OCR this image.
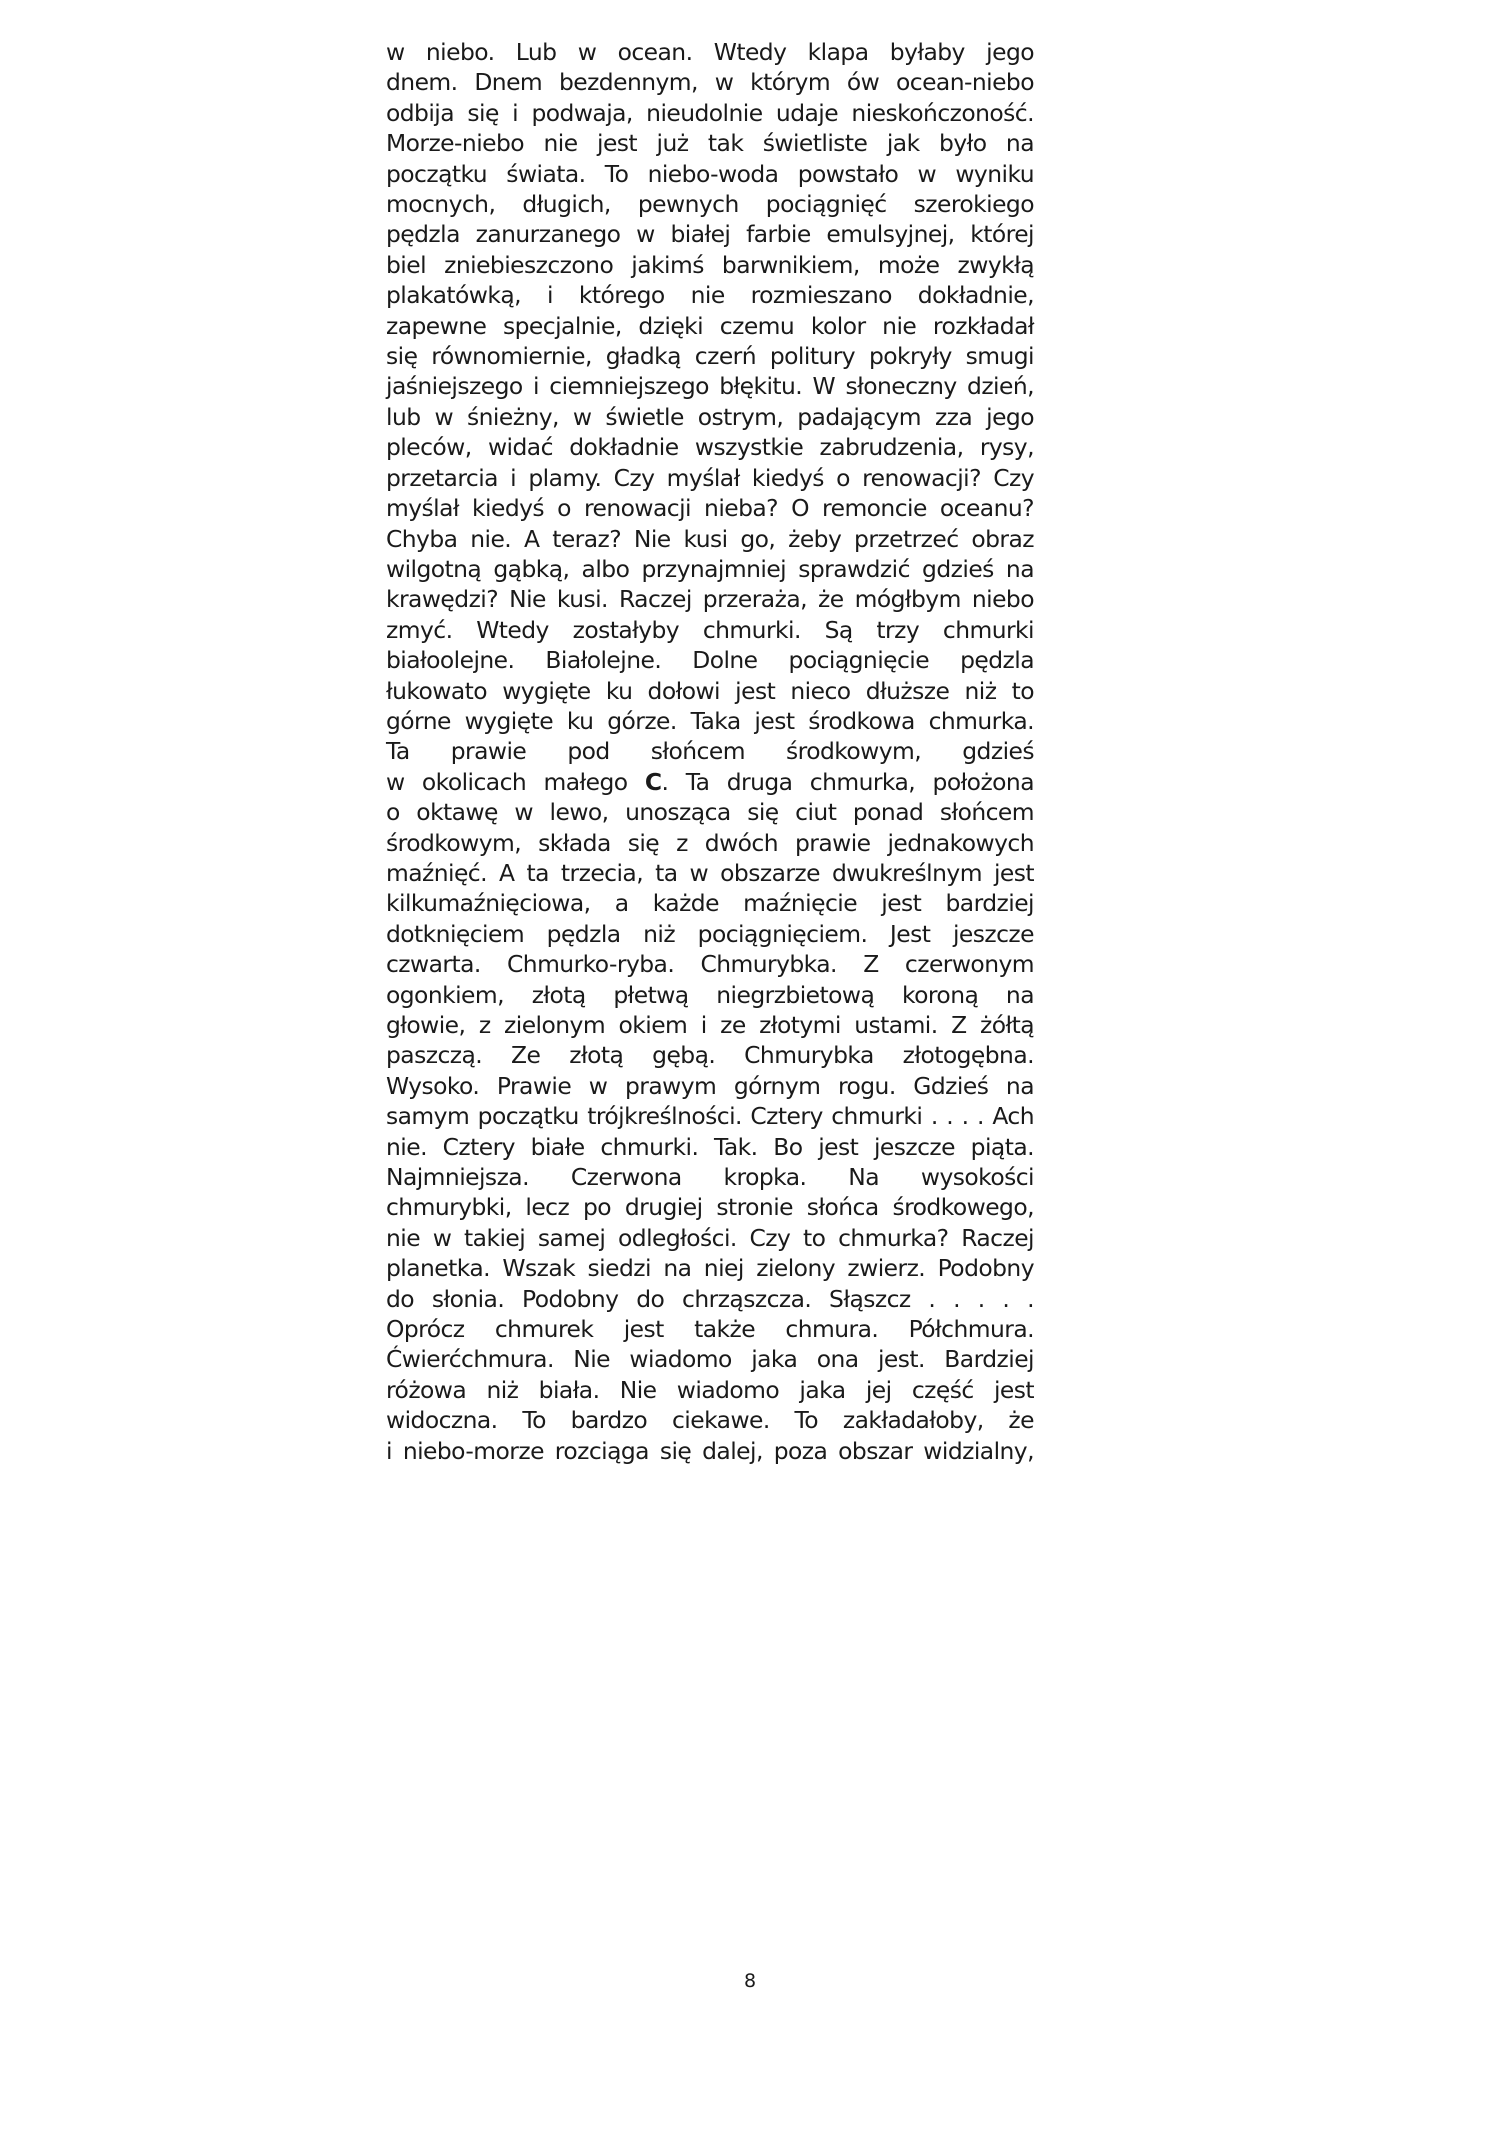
w niebo. Lub w ocean. Wtedy klapa byłaby jego
dnem. Dnem bezdennym, w którym ów ocean-niebo
odbija się i podwaja, nieudolnie udaje nieskończoność.
Morze-niebo nie jest już tak świetliste jak było na
początku świata. To niebo-woda powstało w wyniku
mocnych, długich, pewnych pociągnięć szerokiego
pędzla zanurzanego w białej farbie emulsyjnej, której
biel zniebieszczono jakimś barwnikiem, może zwykłą
plakatówką, i którego nie rozmieszano dokładnie,
zapewne specjalnie, dzięki czemu kolor nie rozkładał
się równomiernie, gładką czerń politury pokryły smugi
jaśniejszego i ciemniejszego błękitu. W słoneczny dzień,
lub w śnieżny, w świetle ostrym, padającym zza jego
pleców, widać dokładnie wszystkie zabrudzenia, rysy,
przetarcia i plamy. Czy myślał kiedyś o renowacji? Czy
myślał kiedyś o renowacji nieba? O remoncie oceanu?
Chyba nie. A teraz? Nie kusi go, żeby przetrzeć obraz
wilgotną gąbką, albo przynajmniej sprawdzić gdzieś na
krawędzi? Nie kusi. Raczej przeraża, że mógłbym niebo
zmyć. Wtedy zostałyby chmurki. Są trzy chmurki
białoolejne. Białolejne. Dolne pociągnięcie pędzla
łukowato wygięte ku dołowi jest nieco dłuższe niż to
górne wygięte ku górze. Taka jest środkowa chmurka.
Ta prawie pod słońcem środkowym, gdzieś
w okolicach małego C. Ta druga chmurka, położona
o oktawę w lewo, unosząca się ciut ponad słońcem
środkowym, składa się z dwóch prawie jednakowych
maźnięć. A ta trzecia, ta w obszarze dwukreślnym jest
kilkumaźnięciowa, a każde maźnięcie jest bardziej
dotknięciem pędzla niż pociągnięciem. Jest jeszcze
czwarta. Chmurko-ryba. Chmurybka. Z czerwonym
ogonkiem, złotą płetwą niegrzbietową koroną na
głowie, z zielonym okiem i ze złotymi ustami. Z żółtą
paszczą. Ze złotą gębą. Chmurybka złotogębna.
Wysoko. Prawie w prawym górnym rogu. Gdzieś na
samym początku trójkreślności. Cztery chmurki . . . . Ach
nie. Cztery białe chmurki. Tak. Bo jest jeszcze piąta.
Najmniejsza. Czerwona kropka. Na wysokości
chmurybki, lecz po drugiej stronie słońca środkowego,
nie w takiej samej odległości. Czy to chmurka? Raczej
planetka. Wszak siedzi na niej zielony zwierz. Podobny
do słonia. Podobny do chrząszcza. Słąszcz . . . . .
Oprócz chmurek jest także chmura. Półchmura.
Ćwierćchmura. Nie wiadomo jaka ona jest. Bardziej
różowa niż biała. Nie wiadomo jaka jej część jest
widoczna. To bardzo ciekawe. To zakładałoby, że
i niebo-morze rozciąga się dalej, poza obszar widzialny,
8
